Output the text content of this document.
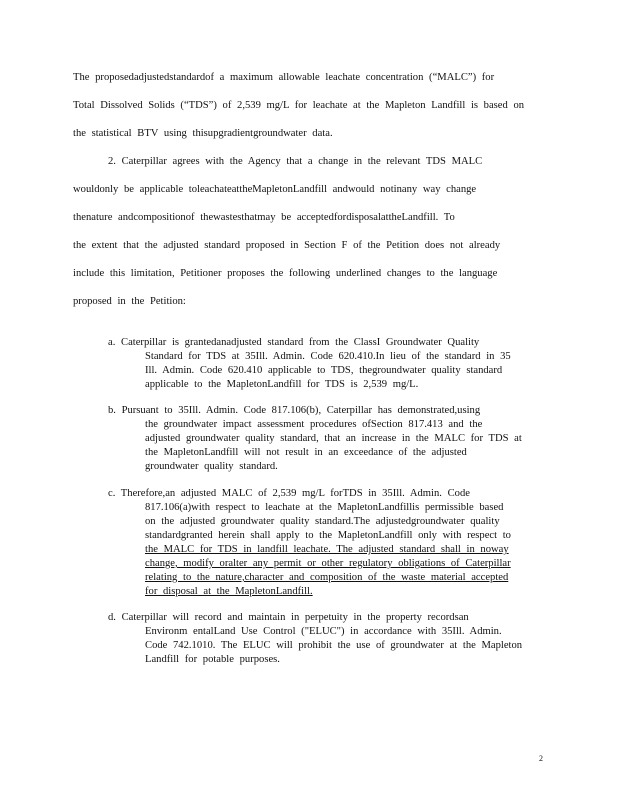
The proposedadjustedstandardof a maximum allowable leachate concentration (“MALC”) for
Total Dissolved Solids (“TDS”) of 2,539 mg/L for leachate at the Mapleton Landfill is based on
the statistical BTV using thisupgradientgroundwater data.
2. Caterpillar agrees with the Agency that a change in the relevant TDS MALC
wouldonly be applicable toleachateattheMapletonLandfill andwould notinany way change
thenature andcompositionof thewastesthatmay be acceptedfordisposalattheLandfill. To
the extent that the adjusted standard proposed in Section F of the Petition does not already
include this limitation, Petitioner proposes the following underlined changes to the language
proposed in the Petition:
a. Caterpillar is grantedanadjusted standard from the ClassI Groundwater Quality
Standard for TDS at 35Ill. Admin. Code 620.410.In lieu of the standard in 35
Ill. Admin. Code 620.410 applicable to TDS, thegroundwater quality standard
applicable to the MapletonLandfill for TDS is 2,539 mg/L.
b. Pursuant to 35Ill. Admin. Code 817.106(b), Caterpillar has demonstrated,using
the groundwater impact assessment procedures ofSection 817.413 and the
adjusted groundwater quality standard, that an increase in the MALC for TDS at
the MapletonLandfill will not result in an exceedance of the adjusted
groundwater quality standard.
c. Therefore,an adjusted MALC of 2,539 mg/L forTDS in 35Ill. Admin. Code
817.106(a)with respect to leachate at the MapletonLandfillis permissible based
on the adjusted groundwater quality standard.The adjustedgroundwater quality
standardgranted herein shall apply to the MapletonLandfill only with respect to
the MALC for TDS in landfill leachate. The adjusted standard shall in noway
change, modify oralter any permit or other regulatory obligations of Caterpillar
relating to the nature,character and composition of the waste material accepted
for disposal at the MapletonLandfill.
d. Caterpillar will record and maintain in perpetuity in the property recordsan
Environm entalLand Use Control ("ELUC") in accordance with 35Ill. Admin.
Code 742.1010. The ELUC will prohibit the use of groundwater at the Mapleton
Landfill for potable purposes.
2
